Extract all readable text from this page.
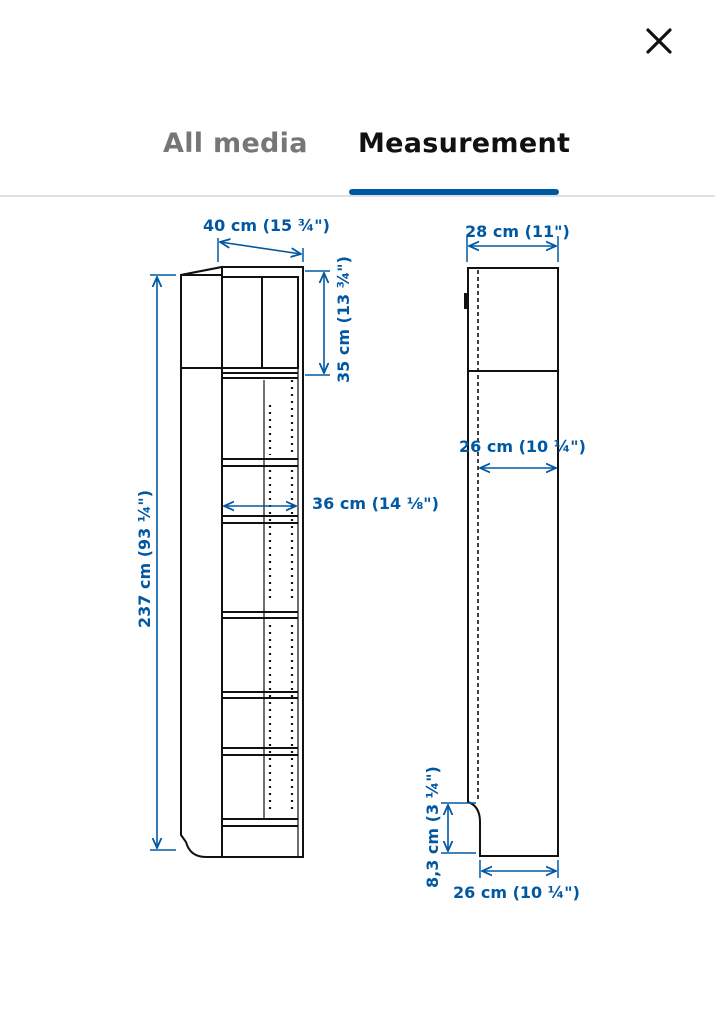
All media Measurement
40 cm (15 ¾")
35 cm (13 ¾")
237 cm (93 ¼")	36 cm (14 ⅛")
28 cm (11")
26 cm (10 ¼")
8,3 cm (3 ¼")
26 cm (10 ¼")
